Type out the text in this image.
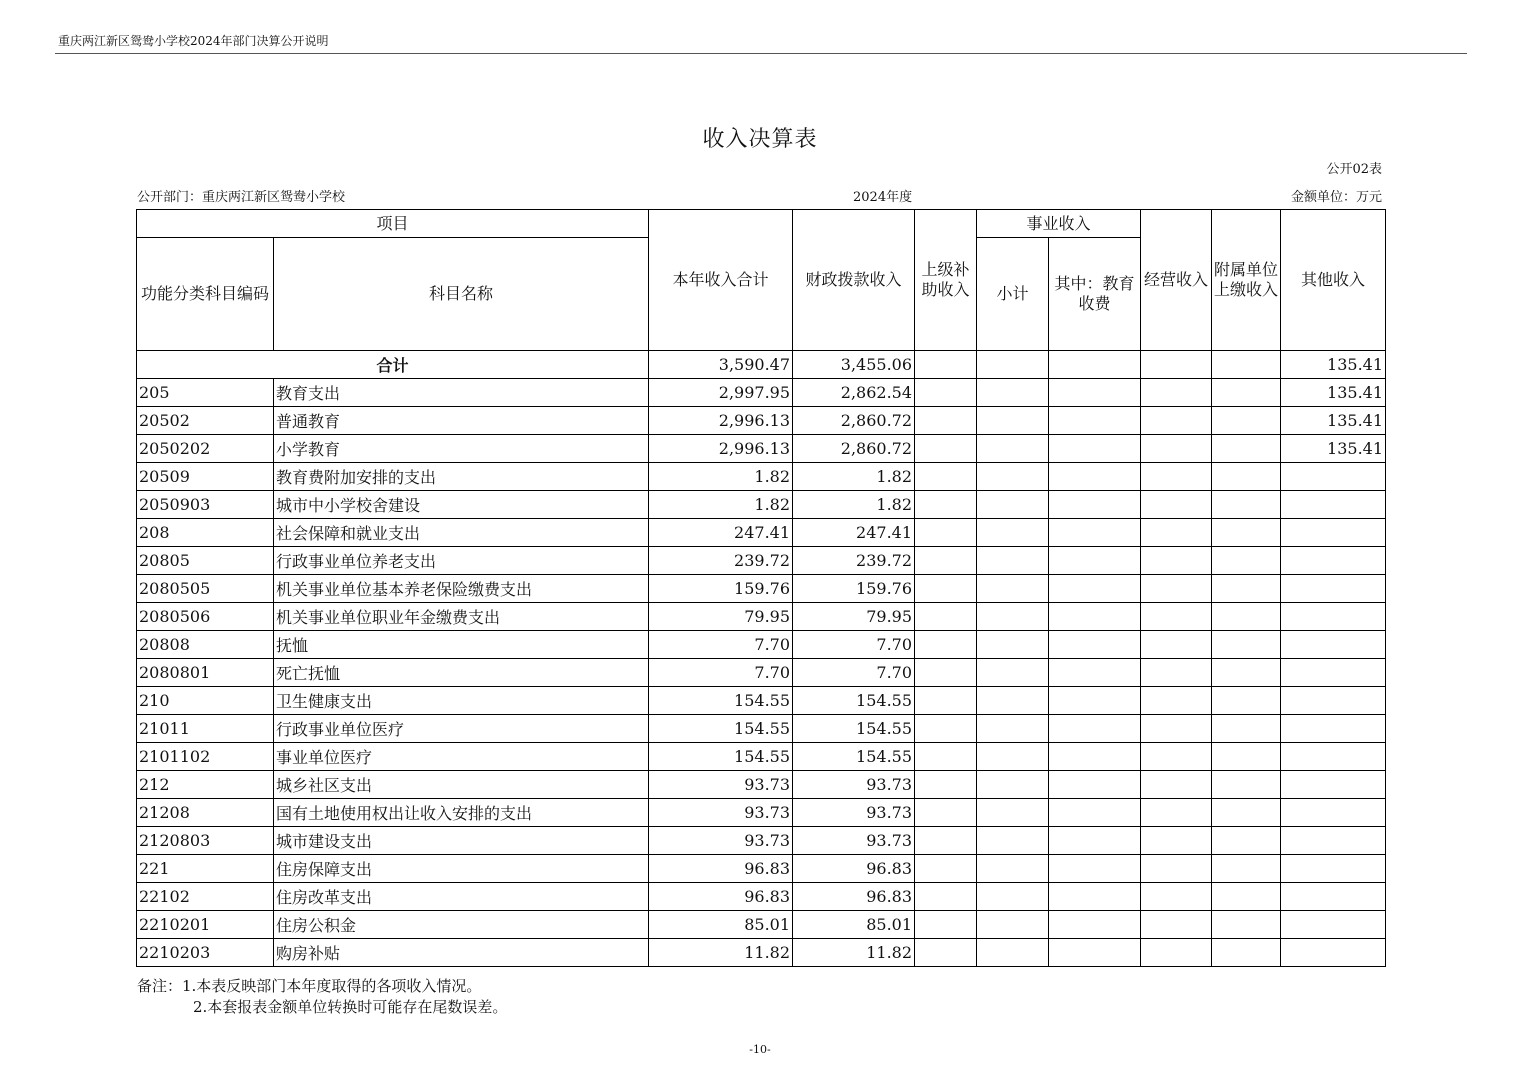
重庆两江新区鸳鸯小学校2024年部门决算公开说明
收入决算表
公开02表
公开部门：重庆两江新区鸳鸯小学校	2024年度	金额单位：万元
项目		本年收入合计	财政拨款收入	上级补助收入	事业收入		经营收入	附属单位上缴收入	其他收入
功能分类科目编码	科目名称				小计	其中：教育收费			
合计		3,590.47	3,455.06						135.41
205	教育支出	2,997.95	2,862.54						135.41
20502	普通教育	2,996.13	2,860.72						135.41
2050202	小学教育	2,996.13	2,860.72						135.41
20509	教育费附加安排的支出	1.82	1.82						
2050903	城市中小学校舍建设	1.82	1.82						
208	社会保障和就业支出	247.41	247.41						
20805	行政事业单位养老支出	239.72	239.72						
2080505	机关事业单位基本养老保险缴费支出	159.76	159.76						
2080506	机关事业单位职业年金缴费支出	79.95	79.95						
20808	抚恤	7.70	7.70						
2080801	死亡抚恤	7.70	7.70						
210	卫生健康支出	154.55	154.55						
21011	行政事业单位医疗	154.55	154.55						
2101102	事业单位医疗	154.55	154.55						
212	城乡社区支出	93.73	93.73						
21208	国有土地使用权出让收入安排的支出	93.73	93.73						
2120803	城市建设支出	93.73	93.73						
221	住房保障支出	96.83	96.83						
22102	住房改革支出	96.83	96.83						
2210201	住房公积金	85.01	85.01						
2210203	购房补贴	11.82	11.82						
备注：1.本表反映部门本年度取得的各项收入情况。
2.本套报表金额单位转换时可能存在尾数误差。
-10-
